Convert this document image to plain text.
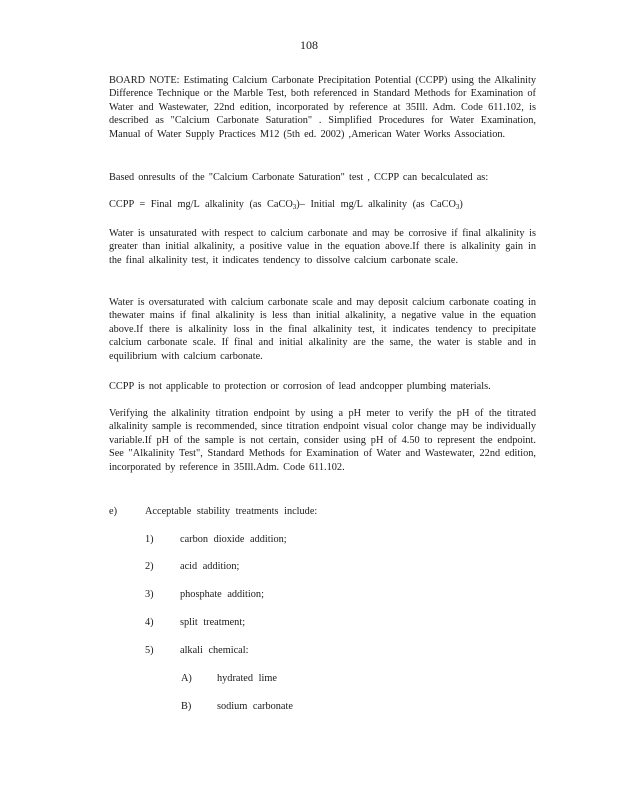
108
BOARD NOTE: Estimating Calcium Carbonate Precipitation Potential (CCPP) using the Alkalinity Difference Technique or the Marble Test, both referenced in Standard Methods for Examination of Water and Wastewater, 22nd edition, incorporated by reference at 35Ill. Adm. Code 611.102, is described as "Calcium Carbonate Saturation" . Simplified Procedures for Water Examination, Manual of Water Supply Practices M12 (5th ed. 2002) ,American Water Works Association.
Based onresults of the "Calcium Carbonate Saturation" test , CCPP can becalculated as:
CCPP = Final mg/L alkalinity (as CaCO$_3$)– Initial mg/L alkalinity (as CaCO$_3$)
Water is unsaturated with respect to calcium carbonate and may be corrosive if final alkalinity is greater than initial alkalinity, a positive value in the equation above.If there is alkalinity gain in the final alkalinity test, it indicates tendency to dissolve calcium carbonate scale.
Water is oversaturated with calcium carbonate scale and may deposit calcium carbonate coating in thewater mains if final alkalinity is less than initial alkalinity, a negative value in the equation above.If there is alkalinity loss in the final alkalinity test, it indicates tendency to precipitate calcium carbonate scale. If final and initial alkalinity are the same, the water is stable and in equilibrium with calcium carbonate.
CCPP is not applicable to protection or corrosion of lead andcopper plumbing materials.
Verifying the alkalinity titration endpoint by using a pH meter to verify the pH of the titrated alkalinity sample is recommended, since titration endpoint visual color change may be individually variable.If pH of the sample is not certain, consider using pH of 4.50 to represent the endpoint. See "Alkalinity Test", Standard Methods for Examination of Water and Wastewater, 22nd edition, incorporated by reference in 35Ill.Adm. Code 611.102.
e)	Acceptable stability treatments include:
1)	carbon dioxide addition;
2)	acid addition;
3)	phosphate addition;
4)	split treatment;
5)	alkali chemical:
A) hydrated lime
B) sodium carbonate
